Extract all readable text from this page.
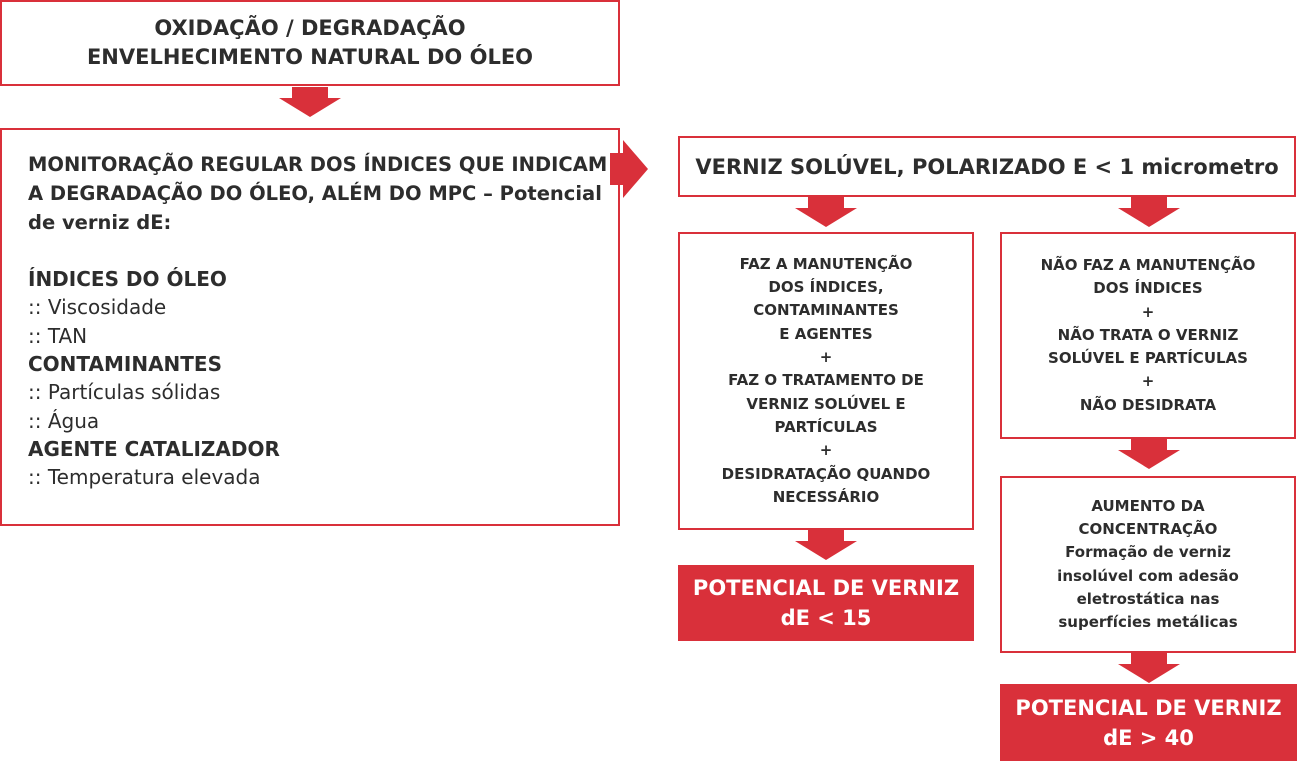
OXIDAÇÃO / DEGRADAÇÃO
ENVELHECIMENTO NATURAL DO ÓLEO
MONITORAÇÃO REGULAR DOS ÍNDICES QUE INDICAM A DEGRADAÇÃO DO ÓLEO, ALÉM DO MPC – Potencial de verniz dE:
ÍNDICES DO ÓLEO
:: Viscosidade
:: TAN
CONTAMINANTES
:: Partículas sólidas
:: Água
AGENTE CATALIZADOR
:: Temperatura elevada
VERNIZ SOLÚVEL, POLARIZADO E < 1 micrometro
FAZ A MANUTENÇÃO
DOS ÍNDICES,
CONTAMINANTES
E AGENTES
+
FAZ O TRATAMENTO DE
VERNIZ SOLÚVEL E
PARTÍCULAS
+
DESIDRATAÇÃO QUANDO
NECESSÁRIO
NÃO FAZ A MANUTENÇÃO
DOS ÍNDICES
+
NÃO TRATA O VERNIZ
SOLÚVEL E PARTÍCULAS
+
NÃO DESIDRATA
POTENCIAL DE VERNIZ
dE < 15
AUMENTO DA
CONCENTRAÇÃO
Formação de verniz
insolúvel com adesão
eletrostática nas
superfícies metálicas
POTENCIAL DE VERNIZ
dE > 40
